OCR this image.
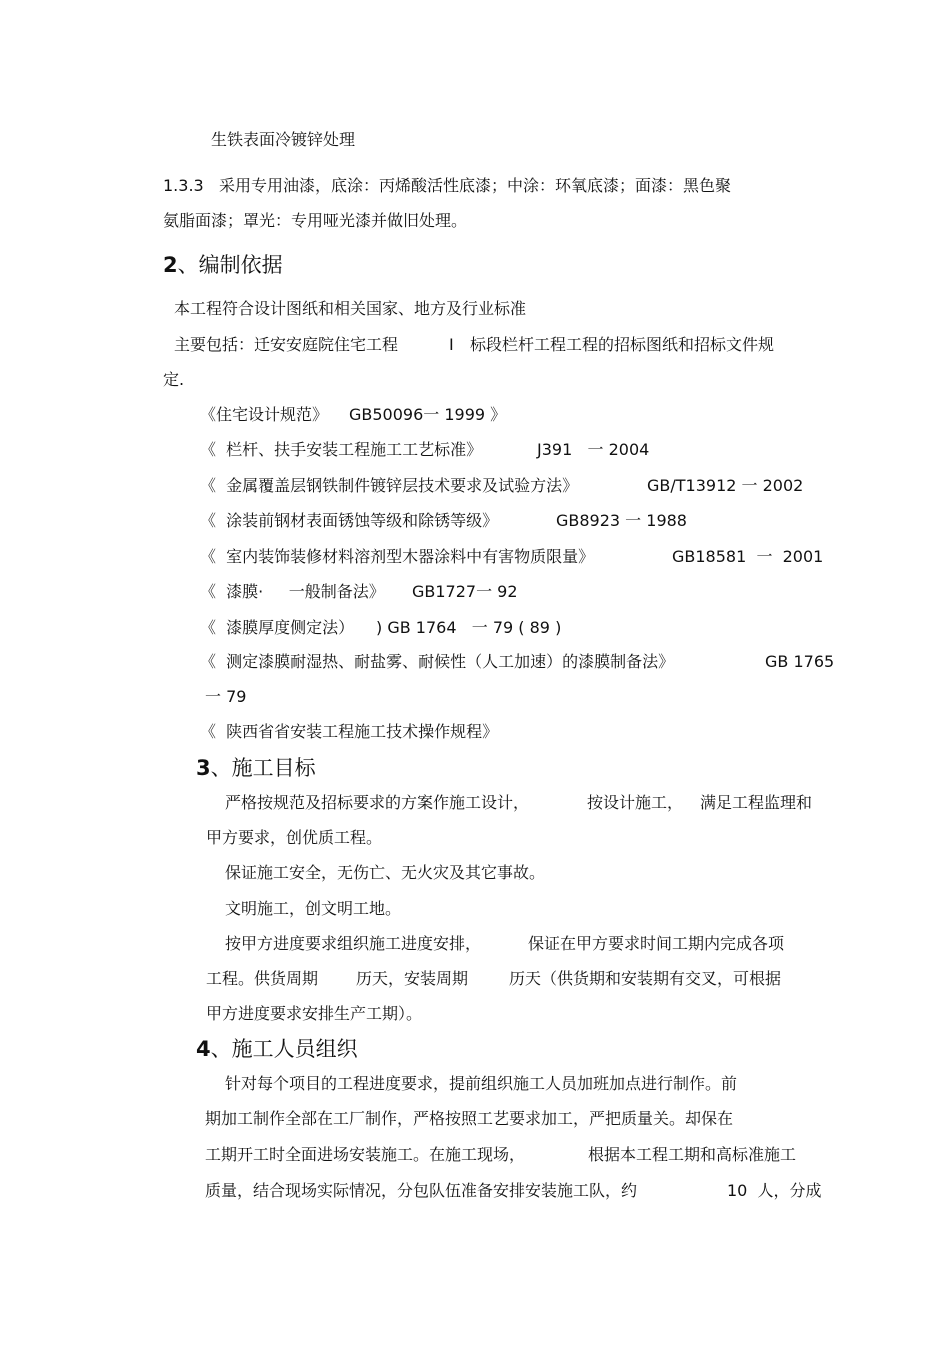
生铁表面冷镀锌处理
1.3.3 采用专用油漆，底涂：丙烯酸活性底漆；中涂：环氧底漆；面漆：黑色聚
氨脂面漆；罩光：专用哑光漆并做旧处理。
2、编制依据
本工程符合设计图纸和相关国家、地方及行业标准
主要包括：迁安安庭院住宅工程	I 标段栏杆工程工程的招标图纸和招标文件规
定.
《住宅设计规范》 GB50096一 1999 》
《  栏杆、扶手安装工程施工工艺标准》	J391   一 2004
《  金属覆盖层钢铁制件镀锌层技术要求及试验方法》	GB/T13912 一 2002
《  涂装前钢材表面锈蚀等级和除锈等级》	GB8923 一 1988
《  室内装饰装修材料溶剂型木器涂料中有害物质限量》	GB18581  一  2001
《  漆膜·     一般制备法》 GB1727一 92
《  漆膜厚度侧定法） ) GB 1764   一 79 ( 89 )
《  测定漆膜耐湿热、耐盐雾、耐候性（人工加速）的漆膜制备法》	GB 1765
一 79
《  陕西省省安装工程施工技术操作规程》
3、施工目标
严格按规范及招标要求的方案作施工设计，	按设计施工， 满足工程监理和
甲方要求，创优质工程。
保证施工安全，无伤亡、无火灾及其它事故。
文明施工，创文明工地。
按甲方进度要求组织施工进度安排，	保证在甲方要求时间工期内完成各项
工程。供货周期 历天，安装周期	历天（供货期和安装期有交叉，可根据
甲方进度要求安排生产工期）。
4、施工人员组织
针对每个项目的工程进度要求，提前组织施工人员加班加点进行制作。前
期加工制作全部在工厂制作，严格按照工艺要求加工，严把质量关。却保在
工期开工时全面进场安装施工。在施工现场，	根据本工程工期和高标准施工
质量，结合现场实际情况，分包队伍准备安排安装施工队，约	10  人，分成
